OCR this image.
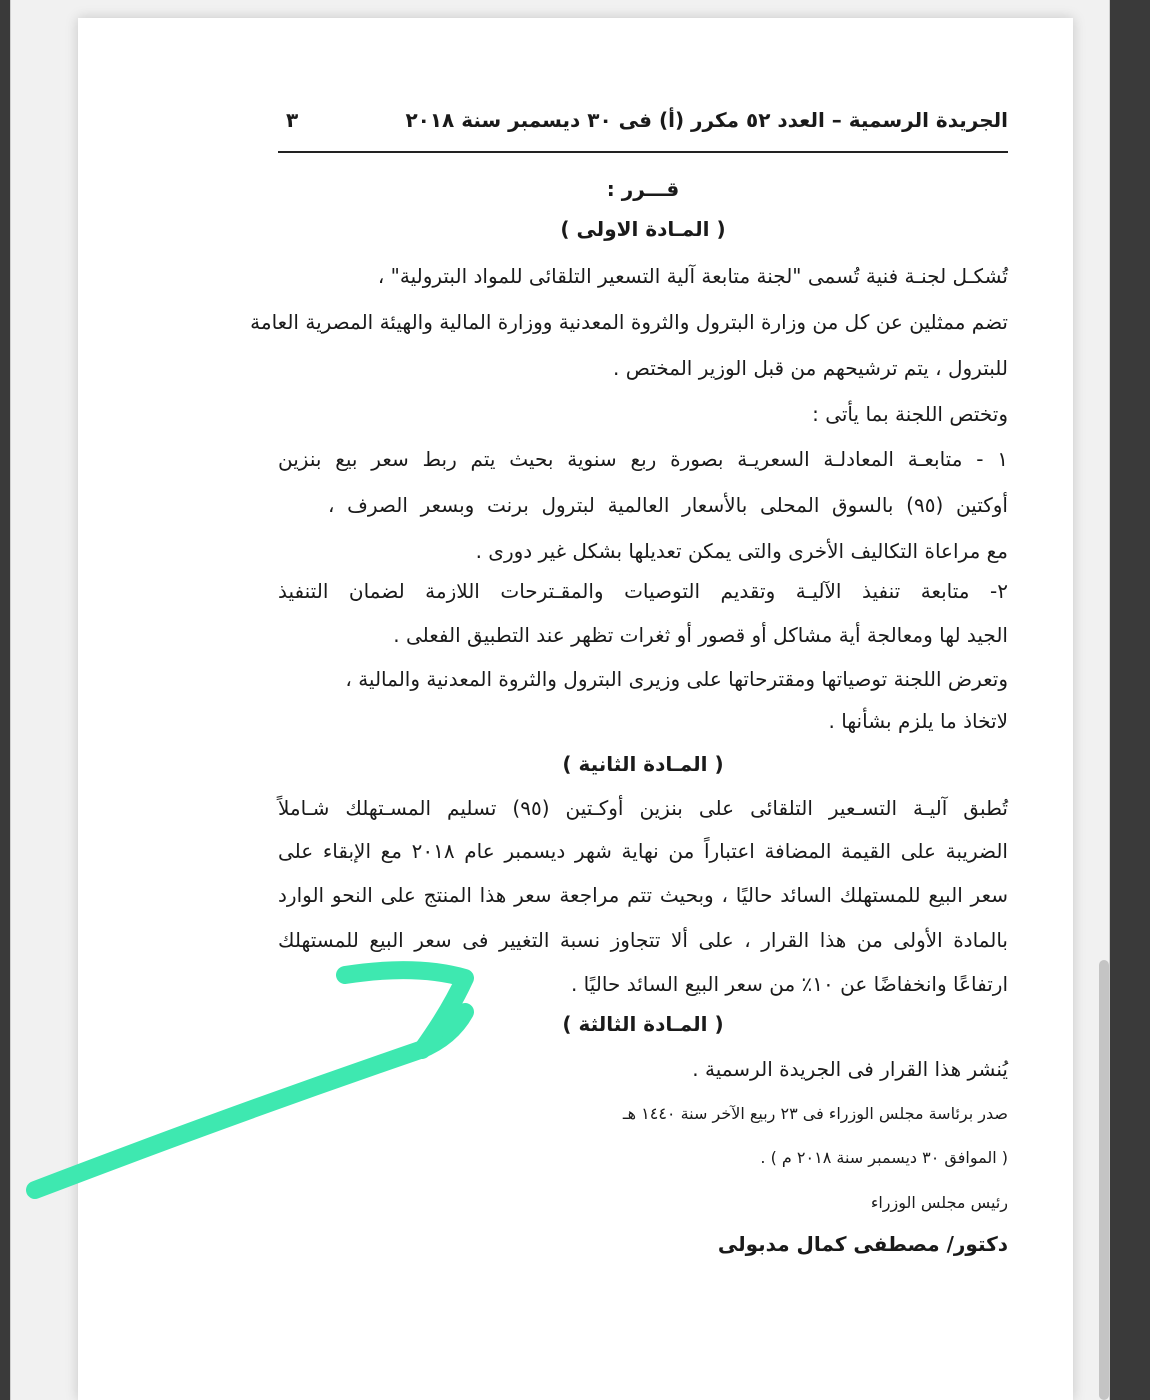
الجريدة الرسمية – العدد ٥٢ مكرر (أ) فى ٣٠ ديسمبر سنة ٢٠١٨
٣
قـــرر :
( المـادة الاولى )
تُشكـل لجنـة فنية تُسمى "لجنة متابعة آلية التسعير التلقائى للمواد البترولية" ،
تضم ممثلين عن كل من وزارة البترول والثروة المعدنية ووزارة المالية والهيئة المصرية العامة
للبترول ، يتم ترشيحهم من قبل الوزير المختص .
وتختص اللجنة بما يأتى :
١ - متابعـة المعادلـة السعريـة بصورة ربع سنوية بحيث يتم ربط سعر بيع بنزين
أوكتين (٩٥) بالسوق المحلى بالأسعار العالمية لبترول برنت وبسعر الصرف ،
مع مراعاة التكاليف الأخرى والتى يمكن تعديلها بشكل غير دورى .
٢- متابعة تنفيذ الآليـة وتقديم التوصيات والمقـترحات اللازمة لضمان التنفيذ
الجيد لها ومعالجة أية مشاكل أو قصور أو ثغرات تظهر عند التطبيق الفعلى .
وتعرض اللجنة توصياتها ومقترحاتها على وزيرى البترول والثروة المعدنية والمالية ،
لاتخاذ ما يلزم بشأنها .
( المـادة الثانية )
تُطبق آليـة التسـعير التلقائى على بنزين أوكـتين (٩٥) تسليم المسـتهلك شـاملاً
الضريبة على القيمة المضافة اعتباراً من نهاية شهر ديسمبر عام ٢٠١٨ مع الإبقاء على
سعر البيع للمستهلك السائد حاليًا ، وبحيث تتم مراجعة سعر هذا المنتج على النحو الوارد
بالمادة الأولى من هذا القرار ، على ألا تتجاوز نسبة التغيير فى سعر البيع للمستهلك
ارتفاعًا وانخفاضًا عن ١٠٪ من سعر البيع السائد حاليًا .
( المـادة الثالثة )
يُنشر هذا القرار فى الجريدة الرسمية .
صدر برئاسة مجلس الوزراء فى ٢٣ ربيع الآخر سنة ١٤٤٠ هـ
( الموافق ٣٠ ديسمبر سنة ٢٠١٨ م ) .
رئيس مجلس الوزراء
دكتور/ مصطفى كمال مدبولى
